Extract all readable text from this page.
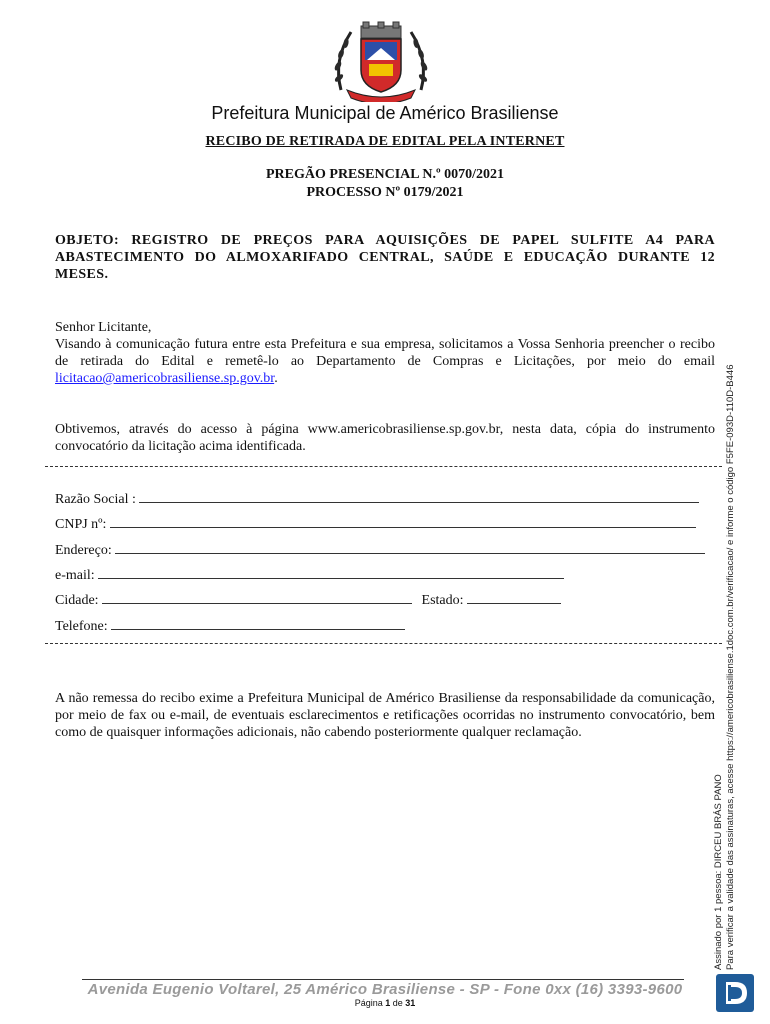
Prefeitura Municipal de Américo Brasiliense
RECIBO DE RETIRADA DE EDITAL PELA INTERNET
PREGÃO PRESENCIAL N.º 0070/2021
PROCESSO Nº 0179/2021
OBJETO: REGISTRO DE PREÇOS PARA AQUISIÇÕES DE PAPEL SULFITE A4 PARA ABASTECIMENTO DO ALMOXARIFADO CENTRAL, SAÚDE E EDUCAÇÃO DURANTE 12 MESES.
Senhor Licitante,
Visando à comunicação futura entre esta Prefeitura e sua empresa, solicitamos a Vossa Senhoria preencher o recibo de retirada do Edital e remetê-lo ao Departamento de Compras e Licitações, por meio do email licitacao@americobrasiliense.sp.gov.br.
Obtivemos, através do acesso à página www.americobrasiliense.sp.gov.br, nesta data, cópia do instrumento convocatório da licitação acima identificada.
Razão Social :
CNPJ nº:
Endereço:
e-mail:
Cidade:	Estado:
Telefone:
A não remessa do recibo exime a Prefeitura Municipal de Américo Brasiliense da responsabilidade da comunicação, por meio de fax ou e-mail, de eventuais esclarecimentos e retificações ocorridas no instrumento convocatório, bem como de quaisquer informações adicionais, não cabendo posteriormente qualquer reclamação.
Assinado por 1 pessoa: DIRCEU BRÁS PANO Para verificar a validade das assinaturas, acesse https://americobrasiliense.1doc.com.br/verificacao/ e informe o código F5FE-093D-110D-B446
Avenida Eugenio Voltarel, 25 Américo Brasiliense - SP - Fone 0xx (16) 3393-9600
Página 1 de 31
